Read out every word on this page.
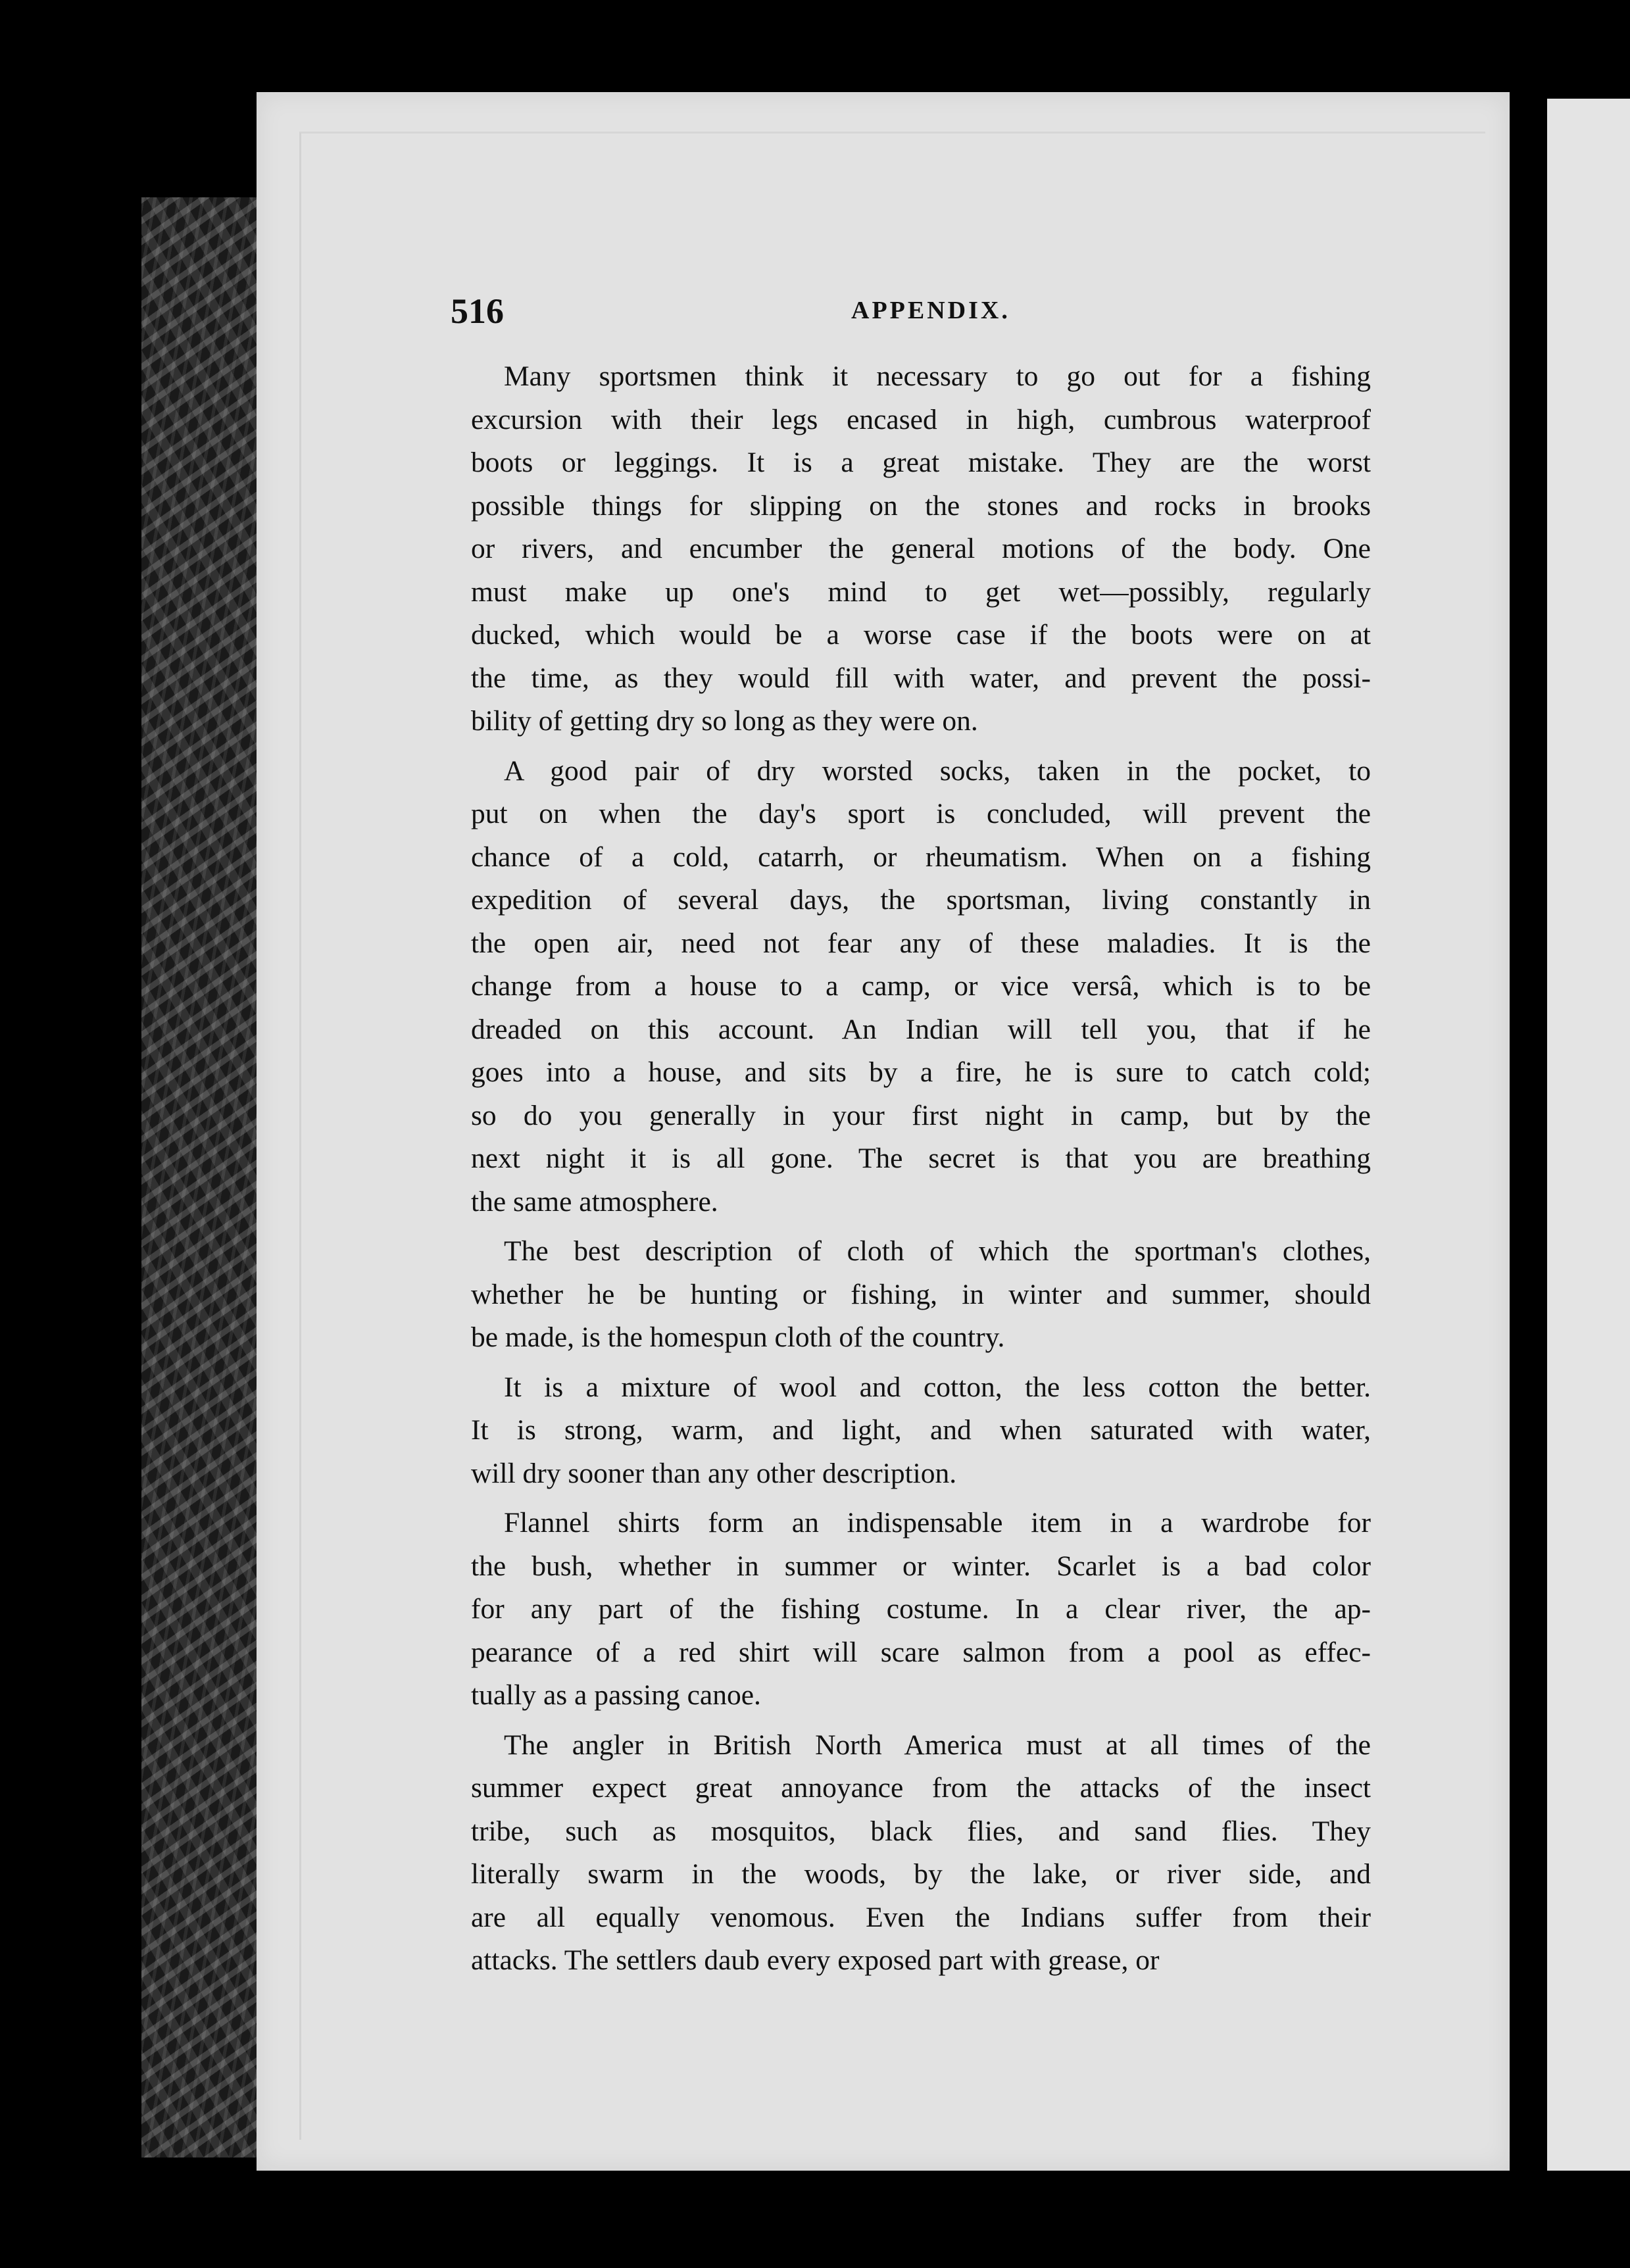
516	APPENDIX.

Many sportsmen think it necessary to go out for a fishing
excursion with their legs encased in high, cumbrous waterproof
boots or leggings. It is a great mistake. They are the worst
possible things for slipping on the stones and rocks in brooks
or rivers, and encumber the general motions of the body. One
must make up one's mind to get wet—possibly, regularly
ducked, which would be a worse case if the boots were on at
the time, as they would fill with water, and prevent the possi-
bility of getting dry so long as they were on.

A good pair of dry worsted socks, taken in the pocket, to
put on when the day's sport is concluded, will prevent the
chance of a cold, catarrh, or rheumatism. When on a fishing
expedition of several days, the sportsman, living constantly in
the open air, need not fear any of these maladies. It is the
change from a house to a camp, or vice versâ, which is to be
dreaded on this account. An Indian will tell you, that if he
goes into a house, and sits by a fire, he is sure to catch cold;
so do you generally in your first night in camp, but by the
next night it is all gone. The secret is that you are breathing
the same atmosphere.

The best description of cloth of which the sportman's clothes,
whether he be hunting or fishing, in winter and summer, should
be made, is the homespun cloth of the country.

It is a mixture of wool and cotton, the less cotton the better.
It is strong, warm, and light, and when saturated with water,
will dry sooner than any other description.

Flannel shirts form an indispensable item in a wardrobe for
the bush, whether in summer or winter. Scarlet is a bad color
for any part of the fishing costume. In a clear river, the ap-
pearance of a red shirt will scare salmon from a pool as effec-
tually as a passing canoe.

The angler in British North America must at all times of the
summer expect great annoyance from the attacks of the insect
tribe, such as mosquitos, black flies, and sand flies. They
literally swarm in the woods, by the lake, or river side, and
are all equally venomous. Even the Indians suffer from their
attacks. The settlers daub every exposed part with grease, or
